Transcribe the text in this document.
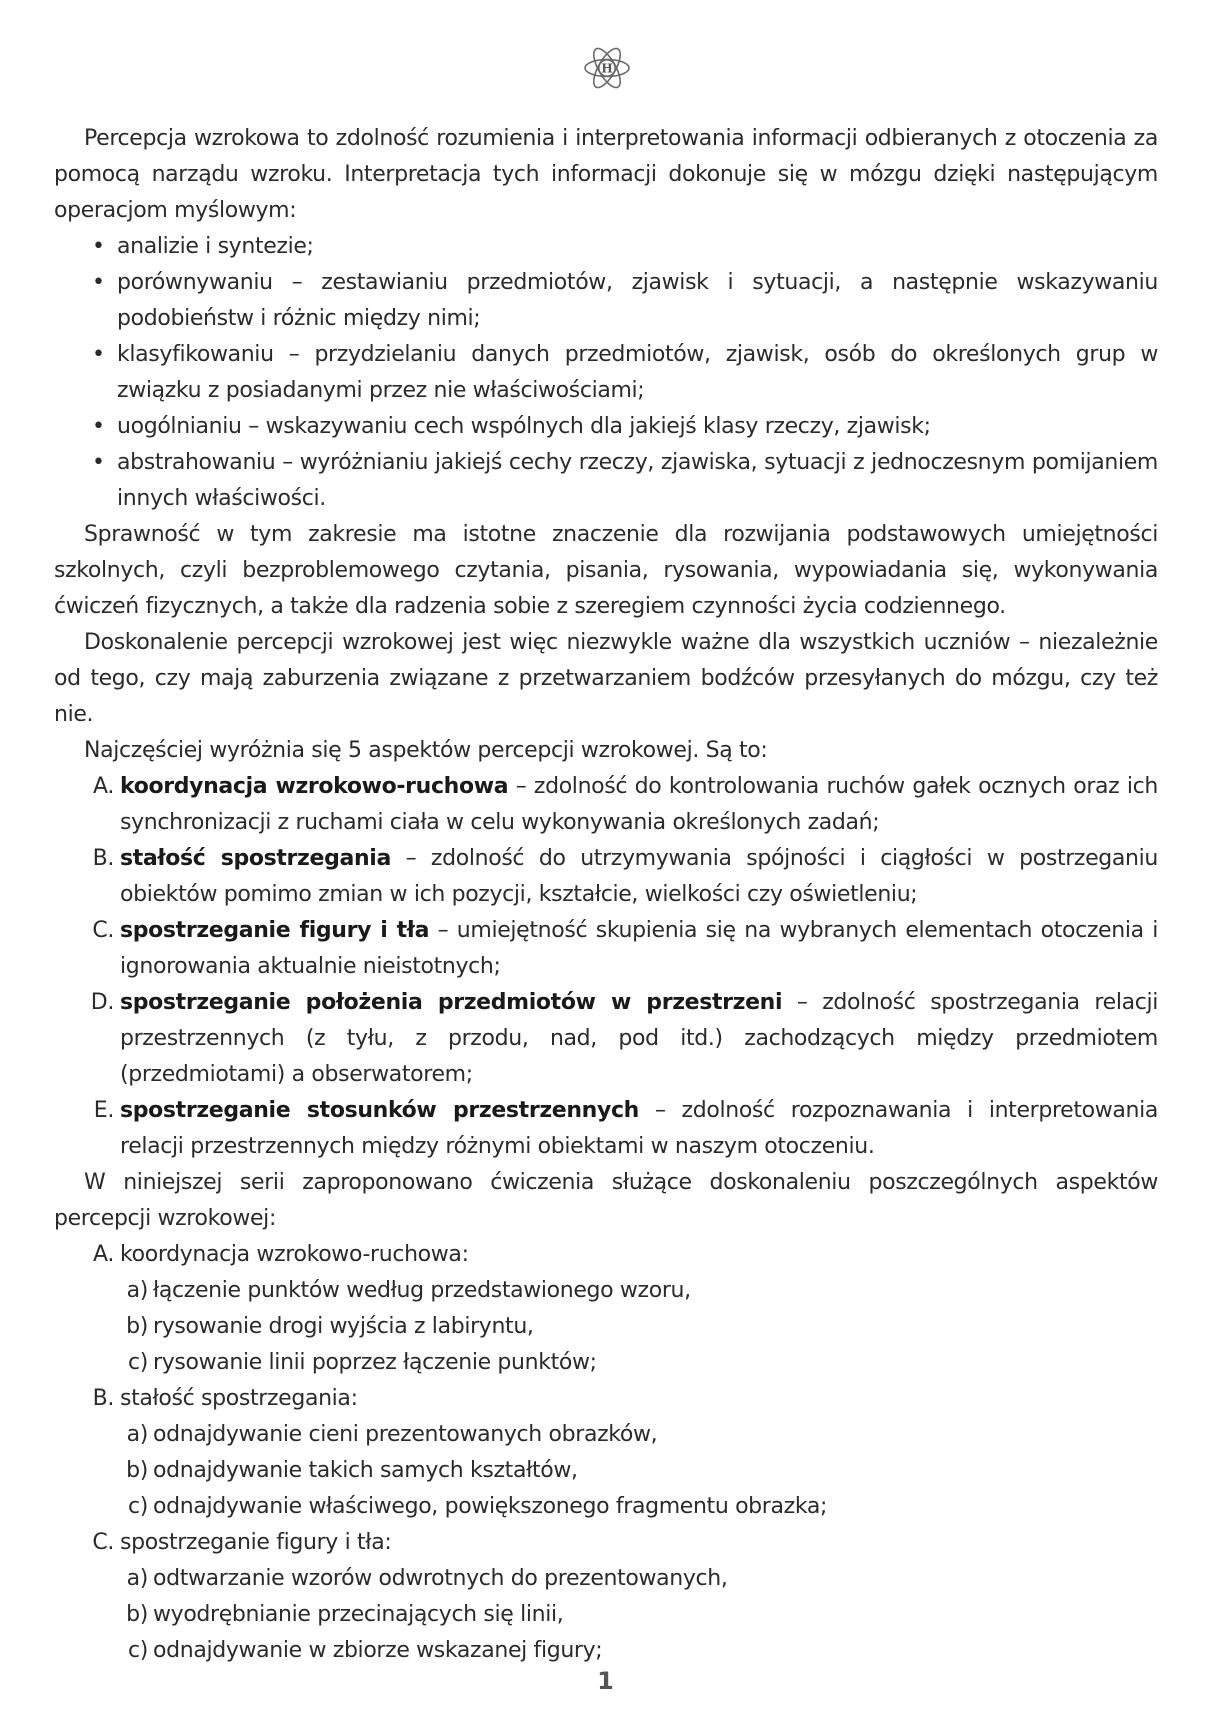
H

Percepcja wzrokowa to zdolność rozumienia i interpretowania informacji odbieranych z otoczenia za pomocą narządu wzroku. Interpretacja tych informacji dokonuje się w mózgu dzięki następującym operacjom myślowym:

• analizie i syntezie;
• porównywaniu – zestawianiu przedmiotów, zjawisk i sytuacji, a następnie wskazywaniu podobieństw i różnic między nimi;
• klasyfikowaniu – przydzielaniu danych przedmiotów, zjawisk, osób do określonych grup w związku z posiadanymi przez nie właściwościami;
• uogólnianiu – wskazywaniu cech wspólnych dla jakiejś klasy rzeczy, zjawisk;
• abstrahowaniu – wyróżnianiu jakiejś cechy rzeczy, zjawiska, sytuacji z jednoczesnym pomijaniem innych właściwości.

Sprawność w tym zakresie ma istotne znaczenie dla rozwijania podstawowych umiejętności szkolnych, czyli bezproblemowego czytania, pisania, rysowania, wypowiadania się, wykonywania ćwiczeń fizycznych, a także dla radzenia sobie z szeregiem czynności życia codziennego.

Doskonalenie percepcji wzrokowej jest więc niezwykle ważne dla wszystkich uczniów – niezależnie od tego, czy mają zaburzenia związane z przetwarzaniem bodźców przesyłanych do mózgu, czy też nie.

Najczęściej wyróżnia się 5 aspektów percepcji wzrokowej. Są to:

A. koordynacja wzrokowo-ruchowa – zdolność do kontrolowania ruchów gałek ocznych oraz ich synchronizacji z ruchami ciała w celu wykonywania określonych zadań;
B. stałość spostrzegania – zdolność do utrzymywania spójności i ciągłości w postrzeganiu obiektów pomimo zmian w ich pozycji, kształcie, wielkości czy oświetleniu;
C. spostrzeganie figury i tła – umiejętność skupienia się na wybranych elementach otoczenia i ignorowania aktualnie nieistotnych;
D. spostrzeganie położenia przedmiotów w przestrzeni – zdolność spostrzegania relacji przestrzennych (z tyłu, z przodu, nad, pod itd.) zachodzących między przedmiotem (przedmiotami) a obserwatorem;
E. spostrzeganie stosunków przestrzennych – zdolność rozpoznawania i interpretowania relacji przestrzennych między różnymi obiektami w naszym otoczeniu.

W niniejszej serii zaproponowano ćwiczenia służące doskonaleniu poszczególnych aspektów percepcji wzrokowej:

A. koordynacja wzrokowo-ruchowa:
a) łączenie punktów według przedstawionego wzoru,
b) rysowanie drogi wyjścia z labiryntu,
c) rysowanie linii poprzez łączenie punktów;
B. stałość spostrzegania:
a) odnajdywanie cieni prezentowanych obrazków,
b) odnajdywanie takich samych kształtów,
c) odnajdywanie właściwego, powiększonego fragmentu obrazka;
C. spostrzeganie figury i tła:
a) odtwarzanie wzorów odwrotnych do prezentowanych,
b) wyodrębnianie przecinających się linii,
c) odnajdywanie w zbiorze wskazanej figury;
1
